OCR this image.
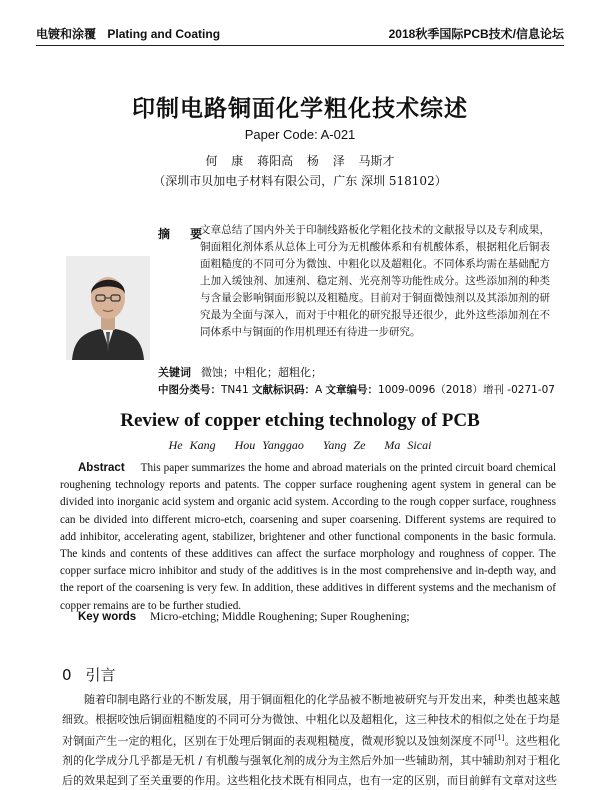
电镀和涂覆 Plating and Coating	2018秋季国际PCB技术/信息论坛
印制电路铜面化学粗化技术综述
Paper Code: A-021
何 康 蒋阳高 杨 泽 马斯才
（深圳市贝加电子材料有限公司，广东 深圳 518102）
摘 要
文章总结了国内外关于印制线路板化学粗化技术的文献报导以及专利成果，铜面粗化剂体系从总体上可分为无机酸体系和有机酸体系，根据粗化后铜表面粗糙度的不同可分为微蚀、中粗化以及超粗化。不同体系均需在基础配方上加入缓蚀剂、加速剂、稳定剂、光亮剂等功能性成分。这些添加剂的种类与含量会影响铜面形貌以及粗糙度。目前对于铜面微蚀剂以及其添加剂的研究最为全面与深入，而对于中粗化的研究报导还很少，此外这些添加剂在不同体系中与铜面的作用机理还有待进一步研究。
关键词 微蚀；中粗化；超粗化；
中图分类号：TN41 文献标识码：A 文章编号：1009-0096（2018）增刊 -0271-07
Review of copper etching technology of PCB
He Kang Hou Yanggao Yang Ze Ma Sicai
Abstract This paper summarizes the home and abroad materials on the printed circuit board chemical roughening technology reports and patents. The copper surface roughening agent system in general can be divided into inorganic acid system and organic acid system. According to the rough copper surface, roughness can be divided into different micro-etch, coarsening and super coarsening. Different systems are required to add inhibitor, accelerating agent, stabilizer, brightener and other functional components in the basic formula. The kinds and contents of these additives can affect the surface morphology and roughness of copper. The copper surface micro inhibitor and study of the additives is in the most comprehensive and in-depth way, and the report of the coarsening is very few. In addition, these additives in different systems and the mechanism of copper remains are to be further studied.
Key words Micro-etching; Middle Roughening; Super Roughening;
0 引言
随着印制电路行业的不断发展，用于铜面粗化的化学品被不断地被研究与开发出来，种类也越来越细致。根据咬蚀后铜面粗糙度的不同可分为微蚀、中粗化以及超粗化，这三种技术的相似之处在于均是对铜面产生一定的粗化，区别在于处理后铜面的表观粗糙度，微观形貌以及蚀刻深度不同[1]。这些粗化剂的化学成分几乎都是无机 / 有机酸与强氧化剂的成分为主然后外加一些辅助剂，其中辅助剂对于粗化后的效果起到了至关重要的作用。这些粗化技术既有相同点，也有一定的区别，而目前鲜有文章对这些
